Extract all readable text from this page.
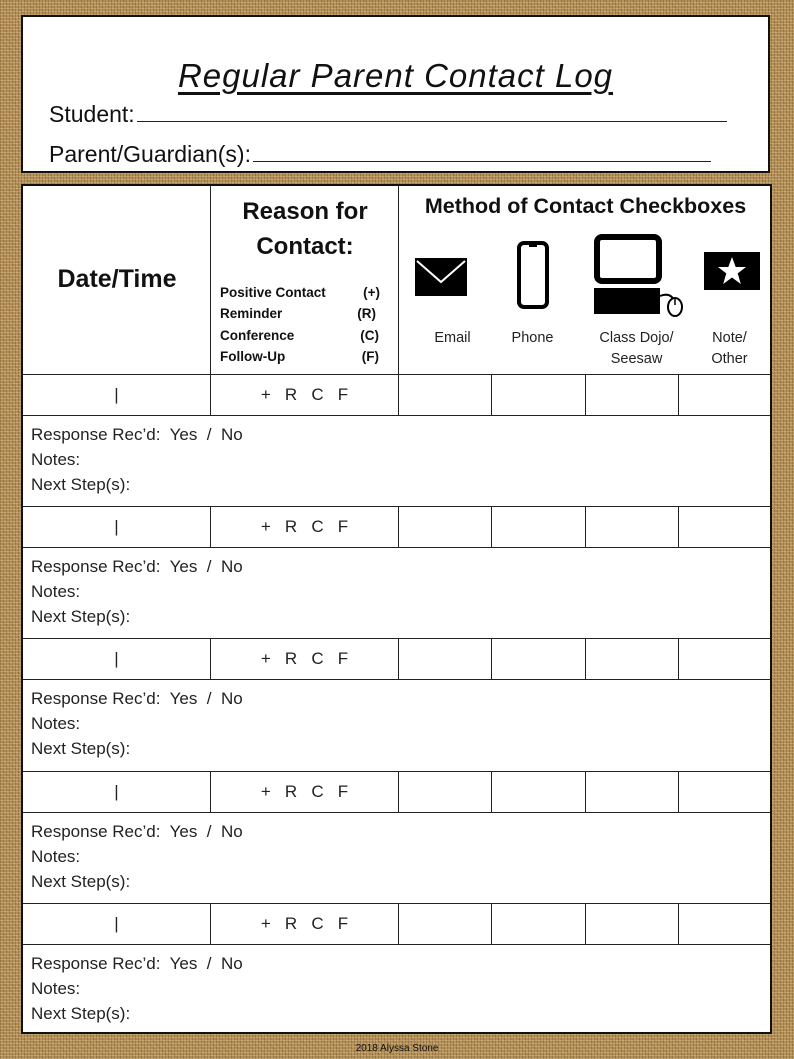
Regular Parent Contact Log
Student:
Parent/Guardian(s):
Date/Time
Reason for
Contact:
Positive Contact	(+)
Reminder	(R)
Conference	(C)
Follow-Up	(F)
Method of Contact Checkboxes
Email	Phone	Class Dojo/
Seesaw
Note/
Other
|	+   R   C   F
Response Rec’d:  Yes  /  No
Notes:
Next Step(s):
|	+   R   C   F
Response Rec’d:  Yes  /  No
Notes:
Next Step(s):
|	+   R   C   F
Response Rec’d:  Yes  /  No
Notes:
Next Step(s):
|	+   R   C   F
Response Rec’d:  Yes  /  No
Notes:
Next Step(s):
|	+   R   C   F
Response Rec’d:  Yes  /  No
Notes:
Next Step(s):
2018 Alyssa Stone
